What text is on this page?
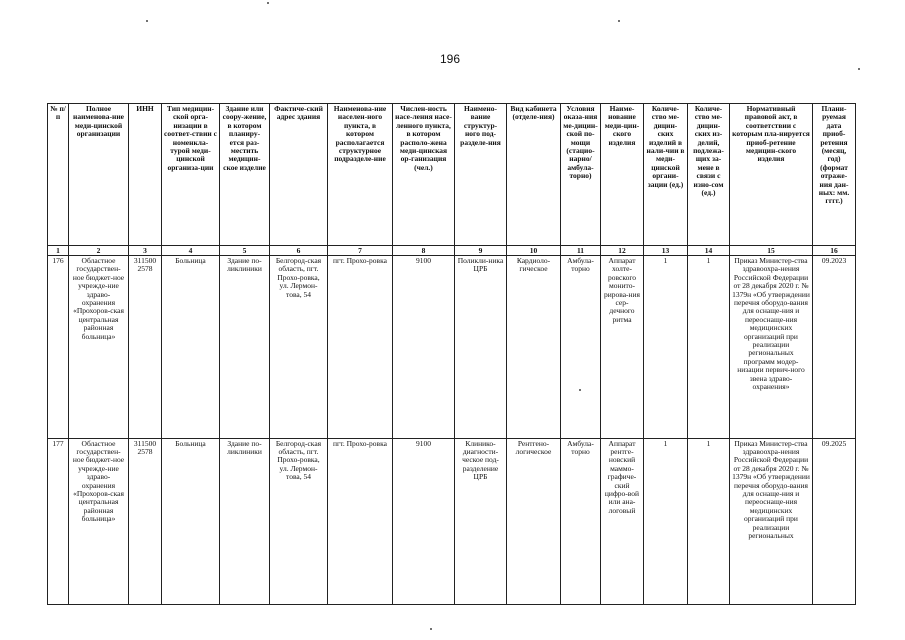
196
№ п/п	Полное наименова-ние меди-цинской организации	ИНН	Тип медицин-ской орга-низации в соответ-ствии с номенкла-турой меди-цинской организа-ции	Здание или соору-жение, в котором планиру-ется раз-местить медицин-ское изделие	Фактиче-ский адрес здания	Наименова-ние населен-ного пункта, в котором располагается структурное подразделе-ние	Числен-ность насе-ления насе-ленного пункта, в котором располо-жена меди-цинская ор-ганизация (чел.)	Наимено-вание структур-ного под-разделе-ния	Вид кабинета (отделе-ния)	Условия оказа-ния ме-дицин-ской по-мощи (стацио-нарно/ амбула-торно)	Наиме-нование меди-цин-ского изделия	Количе-ство ме-дицин-ских изделий в нали-чии в меди-цинской органи-зации (ед.)	Количе-ство ме-дицин-ских из-делий, подлежа-щих за-мене в связи с изно-сом (ед.)	Нормативный правовой акт, в соответствии с которым пла-нируется приоб-ретение медицин-ского изделия	Плани-руемая дата приоб-ретения (месяц, год) (формат отраже-ния дан-ных: мм. гггг.)
1	2	3	4	5	6	7	8	9	10	11	12	13	14	15	16
176	Областное государствен-ное бюджет-ное учрежде-ние здраво-охранения «Прохоров-ская центральная районная больница»	311500 2578	Больница	Здание по-ликлиники	Белгород-ская область, пгт. Прохо-ровка, ул. Лермон-това, 54	пгт. Прохо-ровка	9100	Поликли-ника ЦРБ	Кардиоло-гическое	Амбула-торно	Аппарат холте-ровского монито-рирова-ния сер-дечного ритма	1	1	Приказ Министер-ства здравоохра-нения Российской Федерации от 28 декабря 2020 г. № 1379н «Об утверждении перечня оборудо-вания для оснаще-ния и переоснаще-ния медицинских организаций при реализации региональных программ модер-низации первич-ного звена здраво-охранения»	09.2023
177	Областное государствен-ное бюджет-ное учрежде-ние здраво-охранения «Прохоров-ская центральная районная больница»	311500 2578	Больница	Здание по-ликлиники	Белгород-ская область, пгт. Прохо-ровка, ул. Лермон-това, 54	пгт. Прохо-ровка	9100	Клинико-диагности-ческое под-разделение ЦРБ	Рентгено-логическое	Амбула-торно	Аппарат рентге-новский маммо-графиче-ский цифро-вой или ана-логовый	1	1	Приказ Министер-ства здравоохра-нения Российской Федерации от 28 декабря 2020 г. № 1379н «Об утверждении перечня оборудо-вания для оснаще-ния и переоснаще-ния медицинских организаций при реализации региональных	09.2025
